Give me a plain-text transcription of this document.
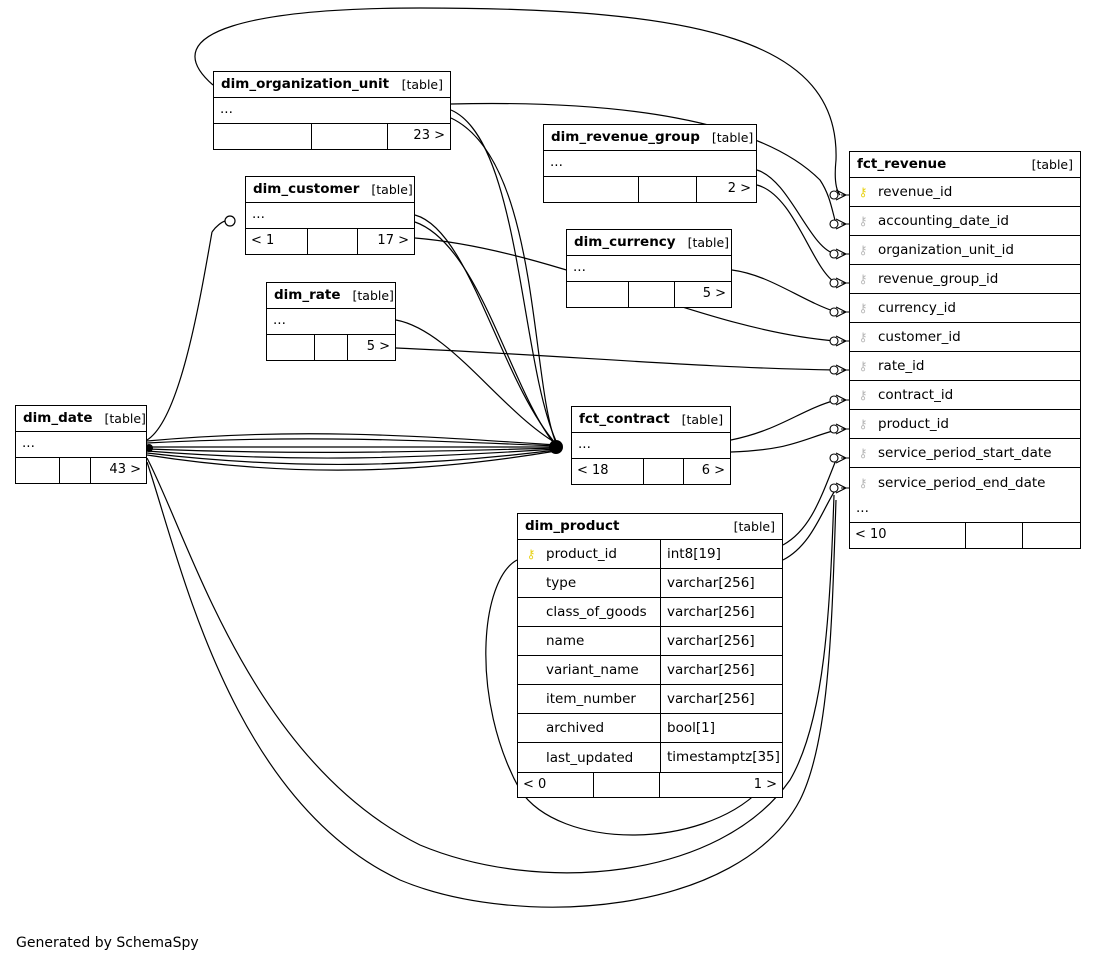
dim_organization_unit	[table]
...
23 >	dim_revenue_group [table]
...
2 >
dim_customer [table]
...
< 1	17 >	dim_currency [table]
...
5 >
dim_rate [table]
...
5 >
dim_date [table]
...
43 >
fct_contract [table]
...
< 18	6 >
fct_revenue	[table]
⚷ revenue_id
⚷ accounting_date_id
⚷ organization_unit_id
⚷ revenue_group_id
⚷ currency_id
⚷ customer_id
⚷ rate_id
⚷ contract_id
⚷ product_id
⚷ service_period_start_date
⚷ service_period_end_date
...
< 10
dim_product	[table]
⚷ product_id	int8[19]
type	varchar[256]
class_of_goods	varchar[256]
name	varchar[256]
variant_name	varchar[256]
item_number	varchar[256]
archived	bool[1]
last_updated	timestamptz[35]
< 0	1 >
Generated by SchemaSpy
